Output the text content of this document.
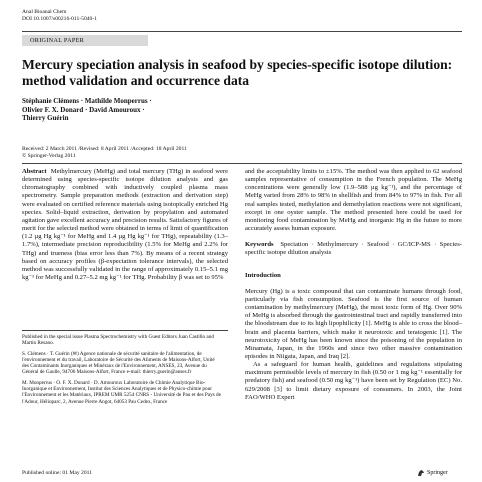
Anal Bioanal Chem
DOI 10.1007/s00216-011-5040-1
ORIGINAL PAPER
Mercury speciation analysis in seafood by species-specific isotope dilution: method validation and occurrence data
Stéphanie Clémens · Mathilde Monperrus ·
Olivier F. X. Donard · David Amouroux ·
Thierry Guérin
Received: 2 March 2011 /Revised: 8 April 2011 /Accepted: 18 April 2011
© Springer-Verlag 2011

Abstract Methylmercury (MeHg) and total mercury (THg) in seafood were determined using species-specific isotope dilution analysis and gas chromatography combined with inductively coupled plasma mass spectrometry. Sample preparation methods (extraction and derivation step) were evaluated on certified reference materials using isotopically enriched Hg species. Solid–liquid extraction, derivation by propylation and automated agitation gave excellent accuracy and precision results. Satisfactory figures of merit for the selected method were obtained in terms of limit of quantification (1.2 µg Hg kg⁻¹ for MeHg and 1.4 µg Hg kg⁻¹ for THg), repeatability (1.3–1.7%), intermediate precision reproducibility (1.5% for MeHg and 2.2% for THg) and trueness (bias error less than 7%). By means of a recent strategy based on accuracy profiles (β-expectation tolerance intervals), the selected method was successfully validated in the range of approximately 0.15–5.1 mg kg⁻¹ for MeHg and 0.27–5.2 mg kg⁻¹ for THg. Probability β was set to 95%

Published in the special issue Plasma Spectrochemistry with Guest Editors Juan Castillo and Martín Resano.

S. Clémens · T. Guérin (✉) Agence nationale de sécurité sanitaire de l'alimentation, de l'environnement et du travail, Laboratoire de Sécurité des Aliments de Maisons-Alfort, Unité des Contaminants Inorganiques et Minéraux de l'Environnement, ANSES, 23, Avenue du Général de Gaulle, 94706 Maisons-Alfort, France e-mail: thierry.guerin@anses.fr

M. Monperrus · O. F. X. Donard · D. Amouroux Laboratoire de Chimie Analytique Bio-Inorganique et Environnement, Institut des Sciences Analytiques et de Physico-chimie pour l'Environnement et les Matériaux, IPREM UMR 5254 CNRS - Université de Pau et des Pays de l'Adour, Hélioparc, 2, Avenue Pierre Angot, 64053 Pau Cedex, France

Published online: 01 May 2011

and the acceptability limits to ±15%. The method was then applied to 62 seafood samples representative of consumption in the French population. The MeHg concentrations were generally low (1.9–588 µg kg⁻¹), and the percentage of MeHg varied from 28% to 98% in shellfish and from 84% to 97% in fish. For all real samples tested, methylation and demethylation reactions were not significant, except in one oyster sample. The method presented here could be used for monitoring food contamination by MeHg and inorganic Hg in the future to more accurately assess human exposure.

Keywords Speciation · Methylmercury · Seafood · GC/ICP-MS · Species-specific isotope dilution analysis

Introduction

Mercury (Hg) is a toxic compound that can contaminate humans through food, particularly via fish consumption. Seafood is the first source of human contamination by methylmercury (MeHg), the most toxic form of Hg. Over 90% of MeHg is absorbed through the gastrointestinal tract and rapidly transferred into the bloodstream due to its high lipophilicity [1]. MeHg is able to cross the blood–brain and placenta barriers, which make it neurotoxic and teratogenic [1]. The neurotoxicity of MeHg has been known since the poisoning of the population in Minamata, Japan, in the 1960s and since two other massive contamination episodes in Niigata, Japan, and Iraq [2].

As a safeguard for human health, guidelines and regulations stipulating maximum permissible levels of mercury in fish (0.50 or 1 mg kg⁻¹ essentially for predatory fish) and seafood (0.50 mg kg⁻¹) have been set by Regulation (EC) No. 629/2008 [3] to limit dietary exposure of consumers. In 2003, the Joint FAO/WHO Expert

Springer
